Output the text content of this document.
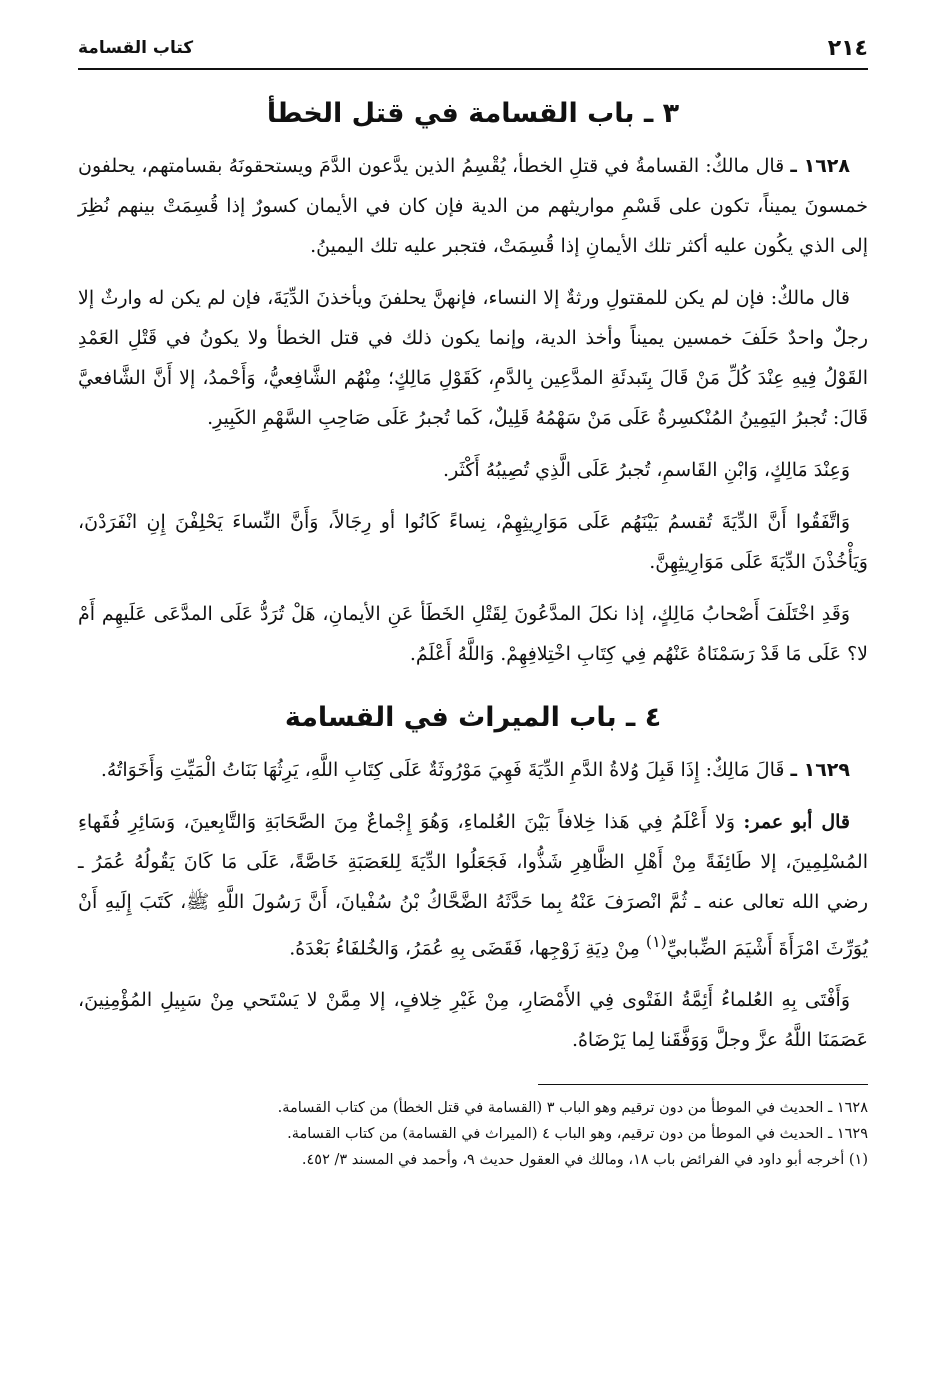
٢١٤
كتاب القسامة
٣ ـ باب القسامة في قتل الخطأ

١٦٢٨ ـ قال مالكٌ: القسامةُ في قتلِ الخطأ، يُقْسِمُ الذين يدَّعون الدَّمَ ويستحقونَهُ بقسامتهم، يحلفون خمسونَ يميناً، تكون على قَسْمِ مواريثهم من الدية فإن كان في الأيمان كسورٌ إذا قُسِمَتْ بينهم نُظِرَ إلى الذي يكُون عليه أكثر تلك الأيمانِ إذا قُسِمَتْ، فتجبر عليه تلك اليمينُ.

قال مالكٌ: فإن لم يكن للمقتولِ ورثةٌ إلا النساء، فإنهنَّ يحلفنَ ويأخذنَ الدِّيَةَ، فإن لم يكن له وارثٌ إلا رجلٌ واحدٌ حَلَفَ خمسين يميناً وأخذ الدية، وإنما يكون ذلك في قتل الخطأ ولا يكونُ في قَتْلِ العَمْدِ القَوْلُ فِيهِ عِنْدَ كُلِّ مَنْ قَالَ بِتَبدئَةِ المدَّعِين بِالدَّمِ، كَقَوْلِ مَالِكٍ؛ مِنْهُم الشَّافِعيُّ، وَأَحْمدُ، إلا أَنَّ الشَّافعيَّ قَالَ: تُجبرُ اليَمِينُ المُنْكسِرةُ عَلَى مَنْ سَهْمُهُ قَلِيلٌ، كَما تُجبرُ عَلَى صَاحِبِ السَّهْمِ الكَبِيرِ.

وَعِنْدَ مَالِكٍ، وَابْنِ القَاسمِ، تُجبرُ عَلَى الَّذِي تُصِيبُهُ أَكْثَر.

وَاتَّفَقُوا أَنَّ الدِّيَةَ تُقسمُ بَيْنَهُم عَلَى مَوَارِيثِهِمْ، نِساءً كَانُوا أو رِجَالاً، وَأَنَّ النِّساءَ يَحْلِفْنَ إِنِ انْفَرَدْنَ، وَيَأْخُذْنَ الدِّيَةَ عَلَى مَوَارِيثِهِنَّ.

وَقَدِ اخْتَلَفَ أَصْحابُ مَالِكٍ، إذا نكلَ المدَّعُونَ لِقَتْلِ الخَطَأ عَنِ الأيمانِ، هَلْ تُرَدُّ عَلَى المدَّعَى عَلَيهِم أَمْ لا؟ عَلَى مَا قَدْ رَسَمْنَاهُ عَنْهُم فِي كِتَابِ اخْتِلافِهِمْ. وَاللَّهُ أَعْلَمُ.

٤ ـ باب الميراث في القسامة

١٦٢٩ ـ قَالَ مَالِكٌ: إِذَا قَبِلَ وُلاةُ الدَّمِ الدِّيَةَ فَهِيَ مَوْرُوثَةٌ عَلَى كِتَابِ اللَّهِ، يَرِثُهَا بَنَاتُ الْمَيِّتِ وَأَخَوَاتُهُ.

قال أبو عمر: وَلا أَعْلَمُ فِي هَذا خِلافاً بَيْنَ العُلماءِ، وَهُوَ إِجْماعٌ مِنَ الصَّحَابَةِ وَالتَّابِعينَ، وَسَائِرِ فُقَهاءِ المُسْلِمِينَ، إلا طَائِفَةً مِنْ أَهْلِ الظَّاهِرِ شَذُّوا، فَجَعَلُوا الدِّيَةَ لِلعَصَبَةِ خَاصَّةً، عَلَى مَا كَانَ يَقُولُهُ عُمَرُ ـ رضي الله تعالى عنه ـ ثُمَّ انْصرَفَ عَنْهُ بِما حَدَّثَهُ الضَّحَّاكُ بْنُ سُفْيانَ، أَنَّ رَسُولَ اللَّهِ ﷺ، كَتَبَ إِلَيهِ أَنْ يُوَرِّثَ امْرَأَةَ أَشْيَمَ الضِّبابيِّ$^{(١)}$ مِنْ دِيَةِ زَوْجِها، فَقَضَى بِهِ عُمَرُ، وَالخُلفَاءُ بَعْدَهُ.

وَأَفْتَى بِهِ العُلماءُ أَئِمَّةُ الفَتْوى فِي الأَمْصَارِ، مِنْ غَيْرِ خِلافٍ، إلا مِمَّنْ لا يَسْتَحي مِنْ سَبِيلِ المُؤْمِنِينَ، عَصَمَنَا اللَّهُ عزَّ وجلَّ وَوَفَّقَنا لِما يَرْضَاهُ.

١٦٢٨ ـ الحديث في الموطأ من دون ترقيم وهو الباب ٣ (القسامة في قتل الخطأ) من كتاب القسامة.

١٦٢٩ ـ الحديث في الموطأ من دون ترقيم، وهو الباب ٤ (الميراث في القسامة) من كتاب القسامة.

(١) أخرجه أبو داود في الفرائض باب ١٨، ومالك في العقول حديث ٩، وأحمد في المسند ٣/ ٤٥٢.
